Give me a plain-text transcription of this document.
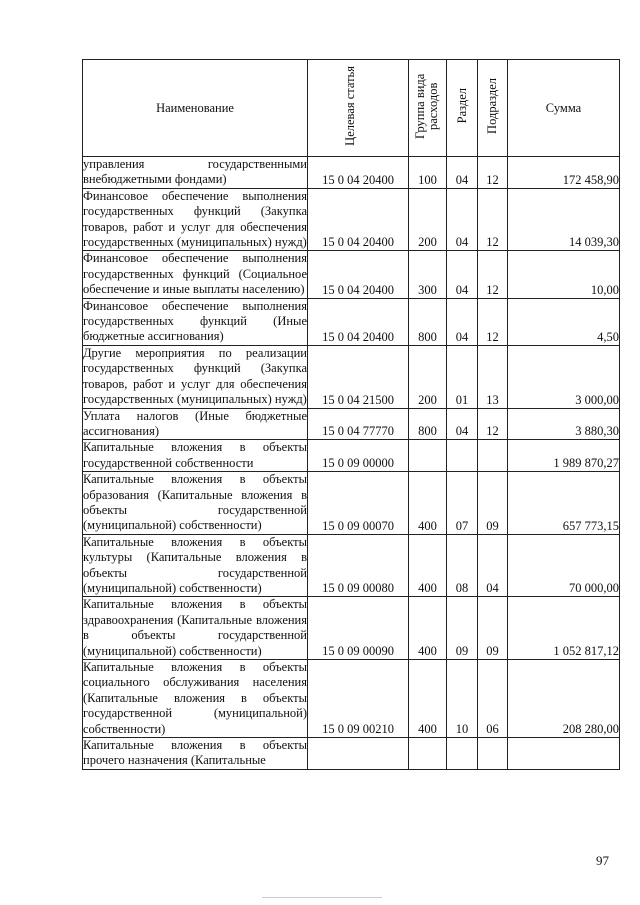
Наименование	Целевая статья	Группа вида расходов	Раздел	Подраздел	Сумма
управления государственными внебюджетными фондами)	15 0 04 20400	100	04	12	172 458,90
Финансовое обеспечение выполнения государственных функций (Закупка товаров, работ и услуг для обеспечения государственных (муниципальных) нужд)	15 0 04 20400	200	04	12	14 039,30
Финансовое обеспечение выполнения государственных функций (Социальное обеспечение и иные выплаты населению)	15 0 04 20400	300	04	12	10,00
Финансовое обеспечение выполнения государственных функций (Иные бюджетные ассигнования)	15 0 04 20400	800	04	12	4,50
Другие мероприятия по реализации государственных функций (Закупка товаров, работ и услуг для обеспечения государственных (муниципальных) нужд)	15 0 04 21500	200	01	13	3 000,00
Уплата налогов (Иные бюджетные ассигнования)	15 0 04 77770	800	04	12	3 880,30
Капитальные вложения в объекты государственной собственности	15 0 09 00000				1 989 870,27
Капитальные вложения в объекты образования (Капитальные вложения в объекты государственной (муниципальной) собственности)	15 0 09 00070	400	07	09	657 773,15
Капитальные вложения в объекты культуры (Капитальные вложения в объекты государственной (муниципальной) собственности)	15 0 09 00080	400	08	04	70 000,00
Капитальные вложения в объекты здравоохранения (Капитальные вложения в объекты государственной (муниципальной) собственности)	15 0 09 00090	400	09	09	1 052 817,12
Капитальные вложения в объекты социального обслуживания населения (Капитальные вложения в объекты государственной (муниципальной) собственности)	15 0 09 00210	400	10	06	208 280,00
Капитальные вложения в объекты прочего назначения (Капитальные					
97
